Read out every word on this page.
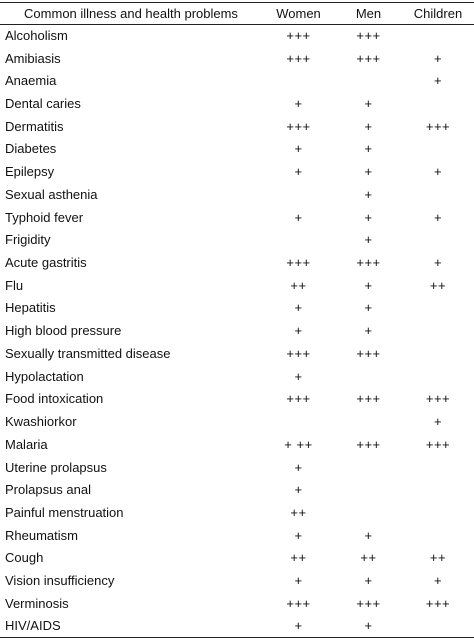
Common illness and health problems	Women	Men	Children
Alcoholism	+++	+++	
Amibiasis	+++	+++	+
Anaemia			+
Dental caries	+	+	
Dermatitis	+++	+	+++
Diabetes	+	+	
Epilepsy	+	+	+
Sexual asthenia		+	
Typhoid fever	+	+	+
Frigidity		+	
Acute gastritis	+++	+++	+
Flu	++	+	++
Hepatitis	+	+	
High blood pressure	+	+	
Sexually transmitted disease	+++	+++	
Hypolactation	+		
Food intoxication	+++	+++	+++
Kwashiorkor			+
Malaria	+ ++	+++	+++
Uterine prolapsus	+		
Prolapsus anal	+		
Painful menstruation	++		
Rheumatism	+	+	
Cough	++	++	++
Vision insufficiency	+	+	+
Verminosis	+++	+++	+++
HIV/AIDS	+	+	
